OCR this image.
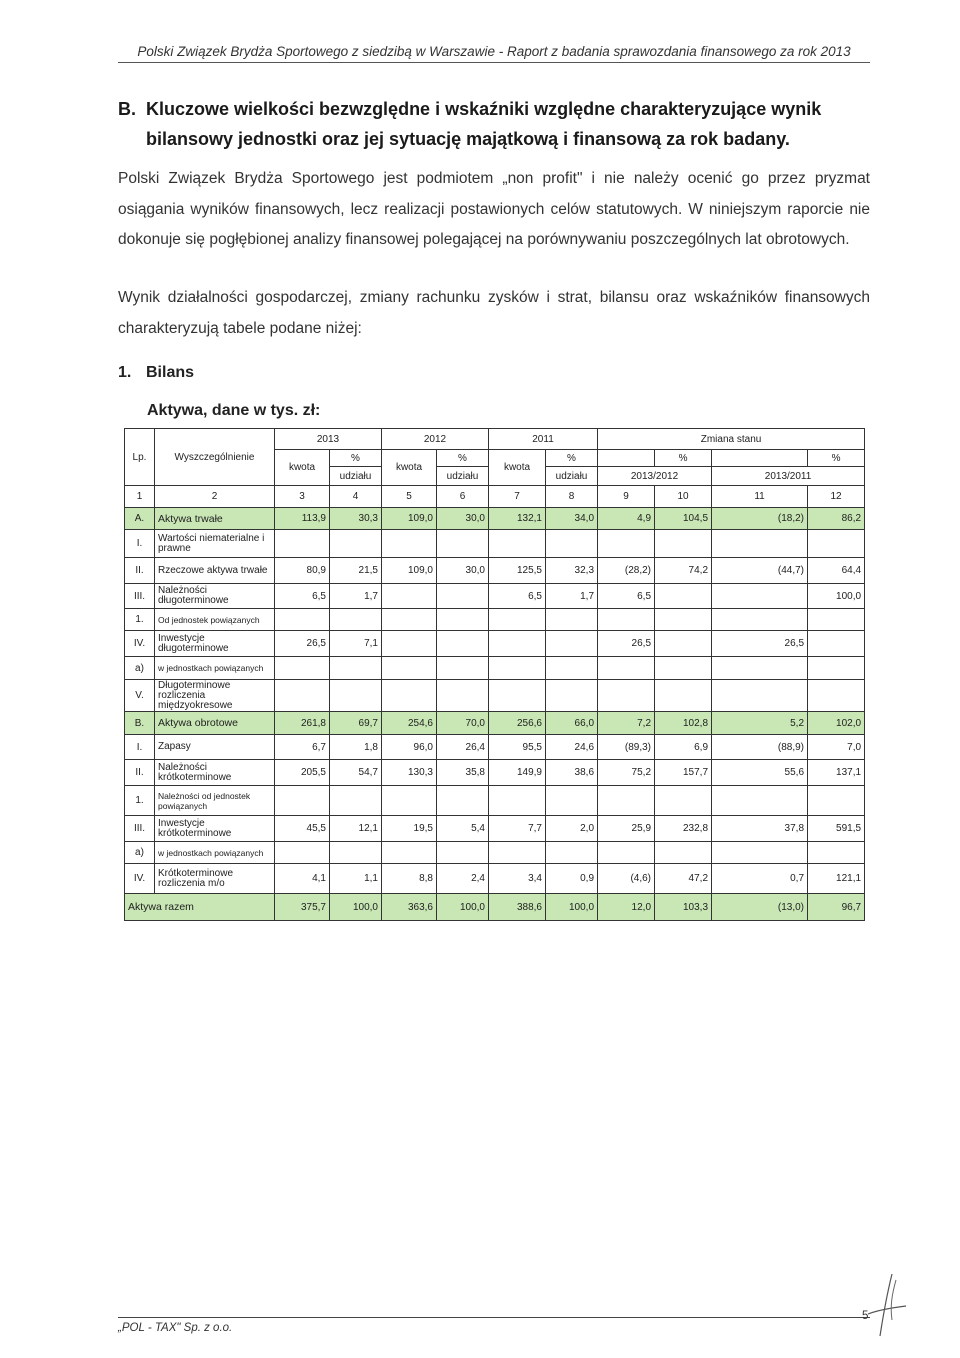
Polski Związek Brydża Sportowego z siedzibą w Warszawie - Raport z badania sprawozdania finansowego za rok 2013
B. Kluczowe wielkości bezwzględne i wskaźniki względne charakteryzujące wynik
bilansowy jednostki oraz jej sytuację majątkową i finansową za rok badany.

Polski Związek Brydża Sportowego jest podmiotem „non profit" i nie należy ocenić go przez pryzmat osiągania wyników finansowych, lecz realizacji postawionych celów statutowych. W niniejszym raporcie nie dokonuje się pogłębionej analizy finansowej polegającej na porównywaniu poszczególnych lat obrotowych.

Wynik działalności gospodarczej, zmiany rachunku zysków i strat, bilansu oraz wskaźników finansowych charakteryzują tabele podane niżej:

1. Bilans
Aktywa, dane w tys. zł:
Lp.	Wyszczególnienie	2013		2012		2011		Zmiana stanu			
		kwota	%	kwota	%	kwota	%		%		%
			udziału		udziału		udziału	2013/2012		2013/2011	
1	2	3	4	5	6	7	8	9	10	11	12
A.	Aktywa trwałe	113,9	30,3	109,0	30,0	132,1	34,0	4,9	104,5	(18,2)	86,2
I.	Wartości niematerialne i prawne										
II.	Rzeczowe aktywa trwałe	80,9	21,5	109,0	30,0	125,5	32,3	(28,2)	74,2	(44,7)	64,4
III.	Należności długoterminowe	6,5	1,7			6,5	1,7	6,5			100,0
1.	Od jednostek powiązanych										
IV.	Inwestycje długoterminowe	26,5	7,1					26,5		26,5	
a)	w jednostkach powiązanych										
V.	Długoterminowe rozliczenia międzyokresowe										
B.	Aktywa obrotowe	261,8	69,7	254,6	70,0	256,6	66,0	7,2	102,8	5,2	102,0
I.	Zapasy	6,7	1,8	96,0	26,4	95,5	24,6	(89,3)	6,9	(88,9)	7,0
II.	Należności krótkoterminowe	205,5	54,7	130,3	35,8	149,9	38,6	75,2	157,7	55,6	137,1
1.	Należności od jednostek powiązanych										
III.	Inwestycje krótkoterminowe	45,5	12,1	19,5	5,4	7,7	2,0	25,9	232,8	37,8	591,5
a)	w jednostkach powiązanych										
IV.	Krótkoterminowe rozliczenia m/o	4,1	1,1	8,8	2,4	3,4	0,9	(4,6)	47,2	0,7	121,1
Aktywa razem		375,7	100,0	363,6	100,0	388,6	100,0	12,0	103,3	(13,0)	96,7
„POL - TAX" Sp. z o.o.
5
